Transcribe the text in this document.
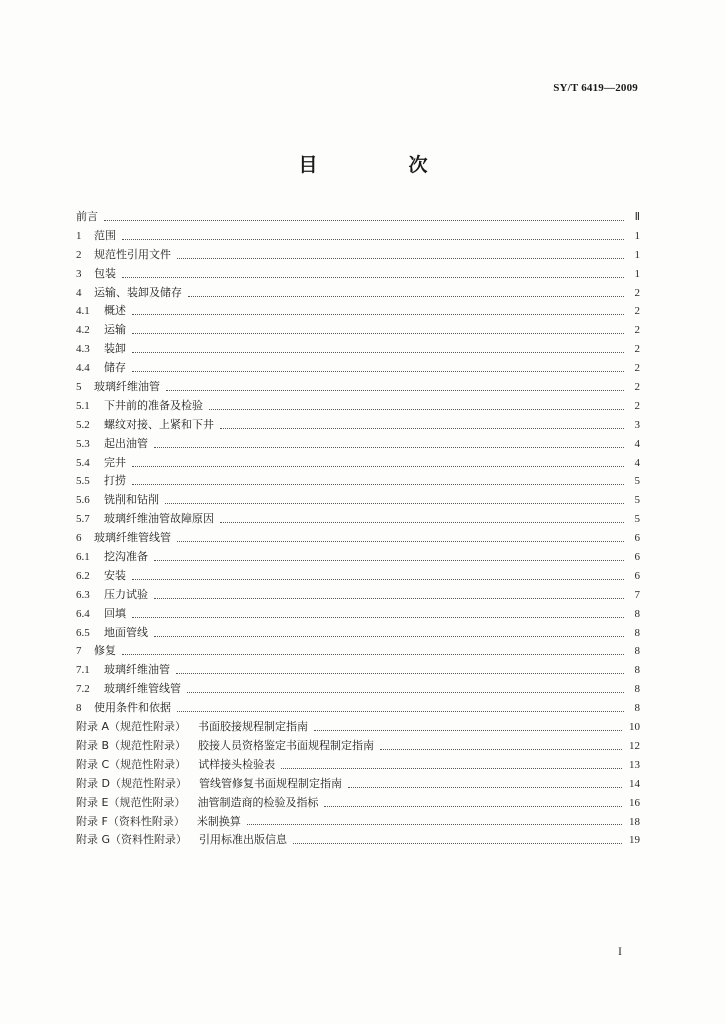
SY/T 6419—2009
目　次
前言	Ⅱ
1	范围	1
2	规范性引用文件	1
3	包装	1
4	运输、装卸及储存	2
4.1	概述	2
4.2	运输	2
4.3	装卸	2
4.4	储存	2
5	玻璃纤维油管	2
5.1	下井前的准备及检验	2
5.2	螺纹对接、上紧和下井	3
5.3	起出油管	4
5.4	完井	4
5.5	打捞	5
5.6	铣削和钻削	5
5.7	玻璃纤维油管故障原因	5
6	玻璃纤维管线管	6
6.1	挖沟准备	6
6.2	安装	6
6.3	压力试验	7
6.4	回填	8
6.5	地面管线	8
7	修复	8
7.1	玻璃纤维油管	8
7.2	玻璃纤维管线管	8
8	使用条件和依据	8
附录 A（规范性附录） 书面胶接规程制定指南	10
附录 B（规范性附录） 胶接人员资格鉴定书面规程制定指南	12
附录 C（规范性附录） 试样接头检验表	13
附录 D（规范性附录） 管线管修复书面规程制定指南	14
附录 E（规范性附录） 油管制造商的检验及指标	16
附录 F（资料性附录） 米制换算	18
附录 G（资料性附录） 引用标准出版信息	19
I
